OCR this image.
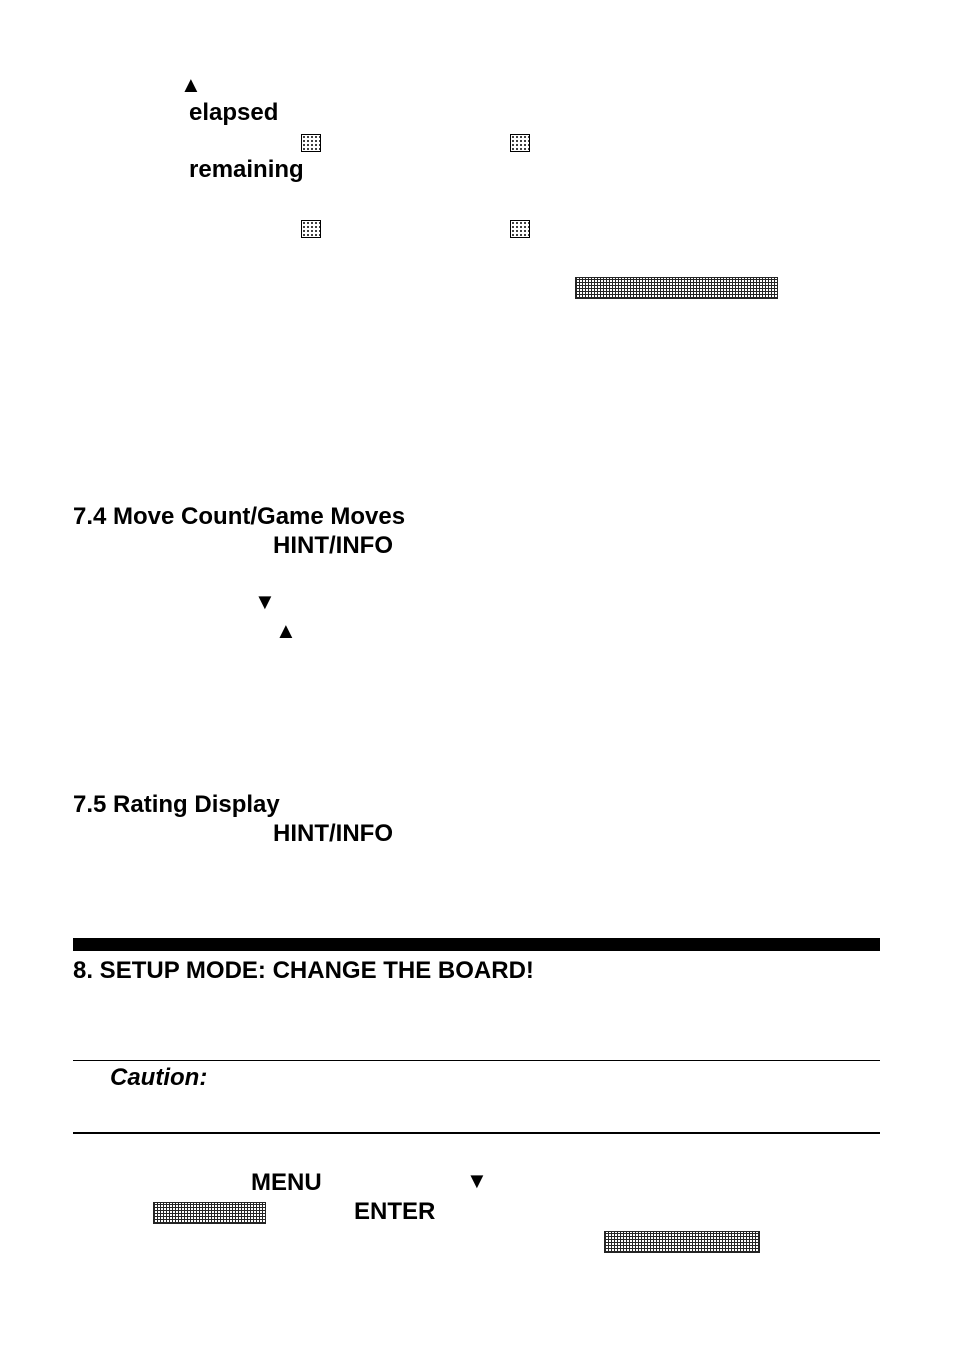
▲
elapsed
remaining
7.4 Move Count/Game Moves
HINT/INFO
▼
▲
7.5 Rating Display
HINT/INFO
8. SETUP MODE: CHANGE THE BOARD!
Caution:
MENU	▼
ENTER
